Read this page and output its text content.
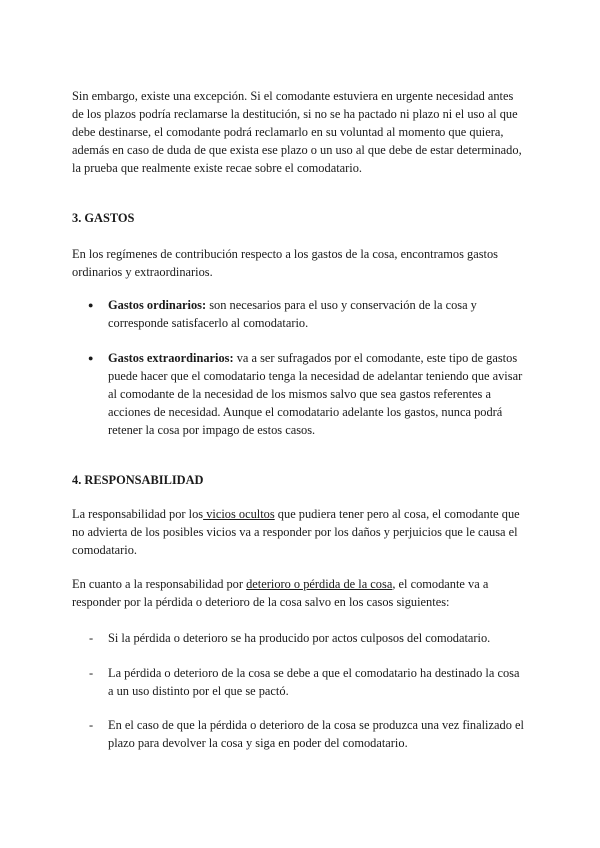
Sin embargo, existe una excepción. Si el comodante estuviera en urgente necesidad antes de los plazos podría reclamarse la destitución, si no se ha pactado ni plazo ni el uso al que debe destinarse, el comodante podrá reclamarlo en su voluntad al momento que quiera, además en caso de duda de que exista ese plazo o un uso al que debe de estar determinado, la prueba que realmente existe recae sobre el comodatario.

3. GASTOS

En los regímenes de contribución respecto a los gastos de la cosa, encontramos gastos ordinarios y extraordinarios.

● Gastos ordinarios: son necesarios para el uso y conservación de la cosa y corresponde satisfacerlo al comodatario.

● Gastos extraordinarios: va a ser sufragados por el comodante, este tipo de gastos puede hacer que el comodatario tenga la necesidad de adelantar teniendo que avisar al comodante de la necesidad de los mismos salvo que sea gastos referentes a acciones de necesidad. Aunque el comodatario adelante los gastos, nunca podrá retener la cosa por impago de estos casos.

4. RESPONSABILIDAD

La responsabilidad por los vicios ocultos que pudiera tener pero al cosa, el comodante que no advierta de los posibles vicios va a responder por los daños y perjuicios que le causa el comodatario.

En cuanto a la responsabilidad por deterioro o pérdida de la cosa, el comodante va a responder por la pérdida o deterioro de la cosa salvo en los casos siguientes:

- Si la pérdida o deterioro se ha producido por actos culposos del comodatario.

- La pérdida o deterioro de la cosa se debe a que el comodatario ha destinado la cosa a un uso distinto por el que se pactó.

- En el caso de que la pérdida o deterioro de la cosa se produzca una vez finalizado el plazo para devolver la cosa y siga en poder del comodatario.
